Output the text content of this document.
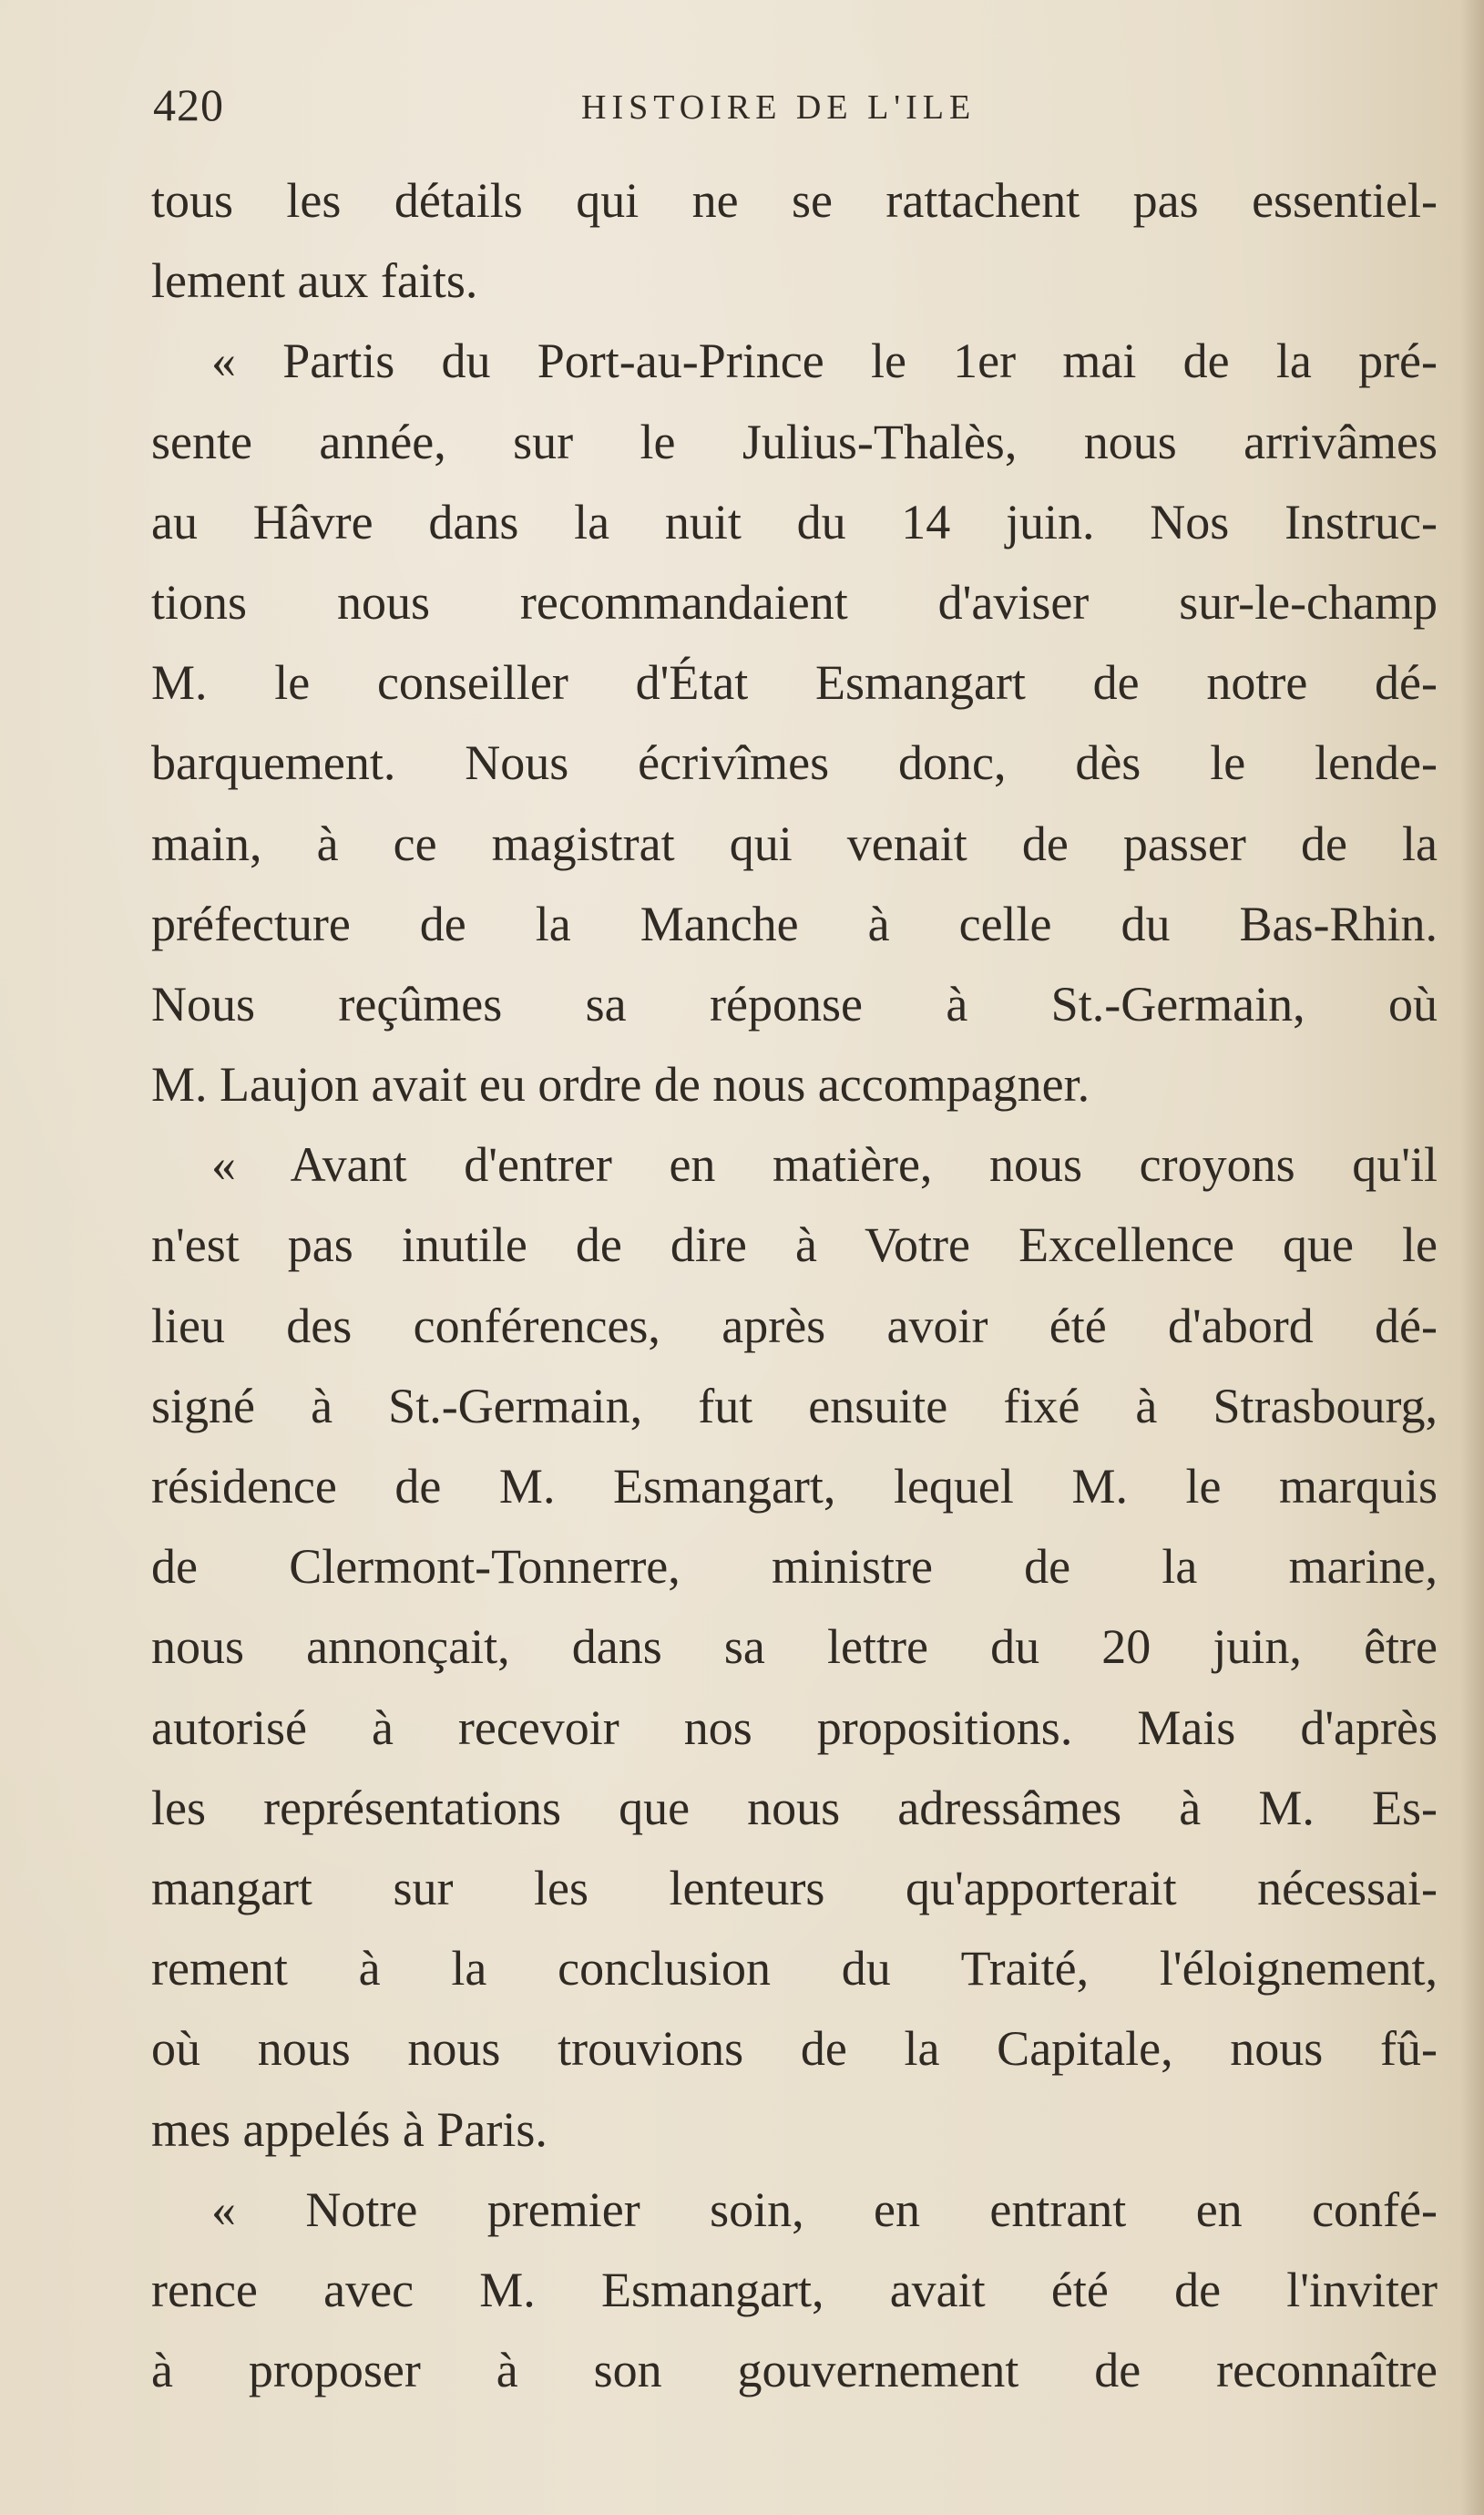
420	HISTOIRE DE L'ILE
tous les détails qui ne se rattachent pas essentiel-
lement aux faits.
« Partis du Port-au-Prince le 1er mai de la pré-
sente année, sur le Julius-Thalès, nous arrivâmes
au Hâvre dans la nuit du 14 juin. Nos Instruc-
tions nous recommandaient d'aviser sur-le-champ
M. le conseiller d'État Esmangart de notre dé-
barquement. Nous écrivîmes donc, dès le lende-
main, à ce magistrat qui venait de passer de la
préfecture de la Manche à celle du Bas-Rhin.
Nous reçûmes sa réponse à St.-Germain, où
M. Laujon avait eu ordre de nous accompagner.
« Avant d'entrer en matière, nous croyons qu'il
n'est pas inutile de dire à Votre Excellence que le
lieu des conférences, après avoir été d'abord dé-
signé à St.-Germain, fut ensuite fixé à Strasbourg,
résidence de M. Esmangart, lequel M. le marquis
de Clermont-Tonnerre, ministre de la marine,
nous annonçait, dans sa lettre du 20 juin, être
autorisé à recevoir nos propositions. Mais d'après
les représentations que nous adressâmes à M. Es-
mangart sur les lenteurs qu'apporterait nécessai-
rement à la conclusion du Traité, l'éloignement,
où nous nous trouvions de la Capitale, nous fû-
mes appelés à Paris.
« Notre premier soin, en entrant en confé-
rence avec M. Esmangart, avait été de l'inviter
à proposer à son gouvernement de reconnaître
